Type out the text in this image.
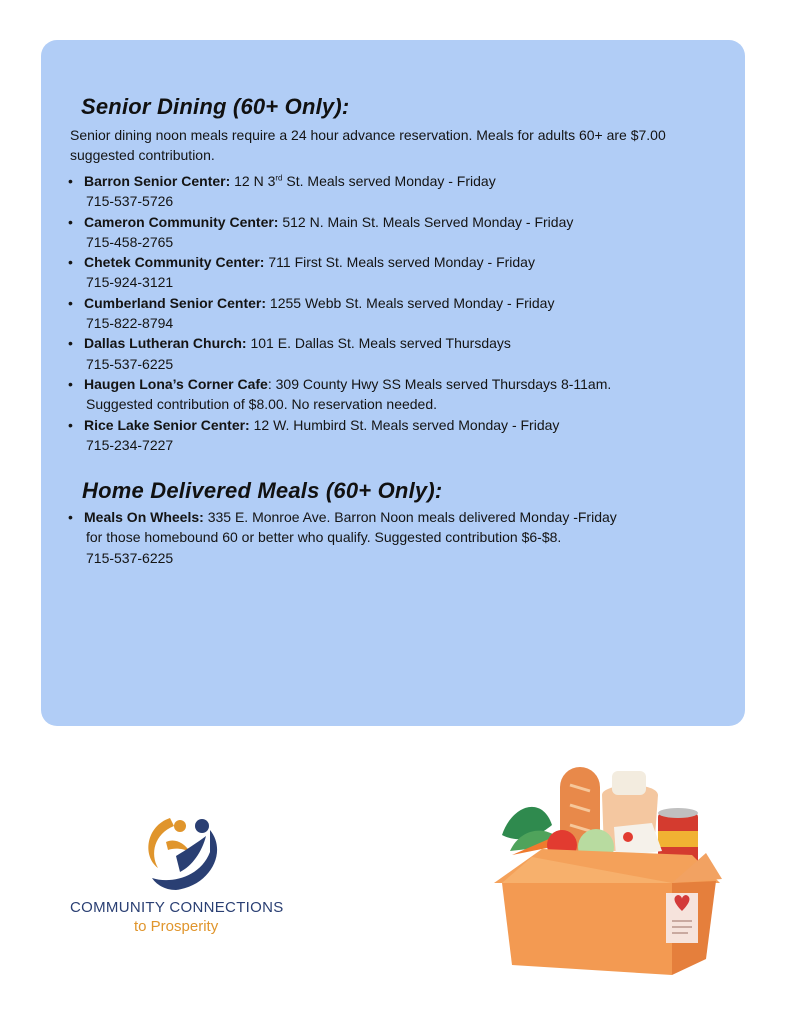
Senior Dining (60+ Only):

Senior dining noon meals require a 24 hour advance reservation. Meals for adults 60+ are $7.00 suggested contribution.

• Barron Senior Center: 12 N 3rd St. Meals served Monday - Friday
715-537-5726
• Cameron Community Center: 512 N. Main St. Meals Served Monday - Friday
715-458-2765
• Chetek Community Center: 711 First St. Meals served Monday - Friday
715-924-3121
• Cumberland Senior Center: 1255 Webb St. Meals served Monday - Friday
715-822-8794
• Dallas Lutheran Church: 101 E. Dallas St. Meals served Thursdays
715-537-6225
• Haugen Lona’s Corner Cafe: 309 County Hwy SS Meals served Thursdays 8-11am.
Suggested contribution of $8.00. No reservation needed.
• Rice Lake Senior Center: 12 W. Humbird St. Meals served Monday - Friday
715-234-7227
Home Delivered Meals (60+ Only):
• Meals On Wheels: 335 E. Monroe Ave. Barron Noon meals delivered Monday -Friday
for those homebound 60 or better who qualify. Suggested contribution $6-$8.
715-537-6225
COMMUNITY CONNECTIONS
to Prosperity
